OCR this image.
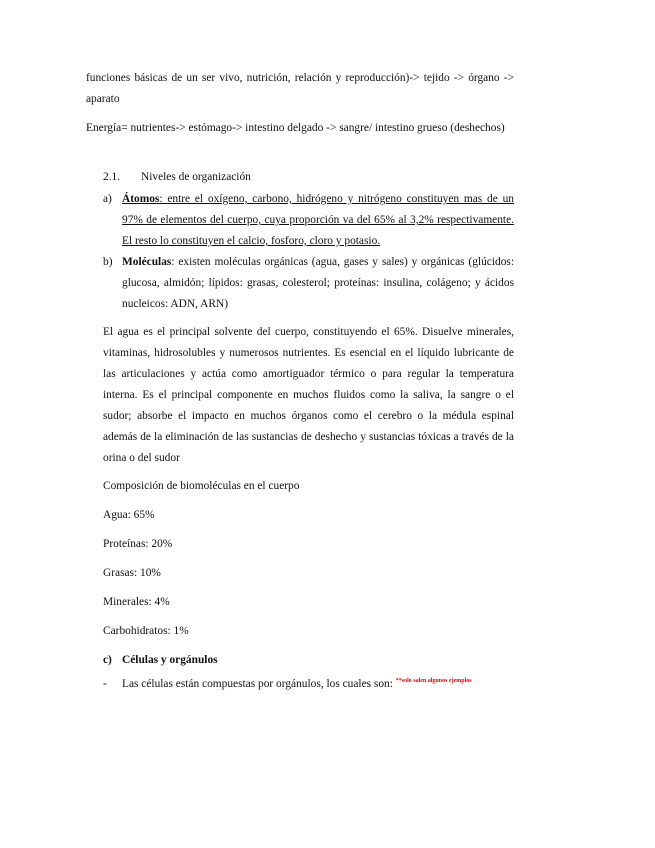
funciones básicas de un ser vivo, nutrición, relación y reproducción)-> tejido -> órgano -> aparato

Energía= nutrientes-> estómago-> intestino delgado -> sangre/ intestino grueso (deshechos)

2.1. Niveles de organización
a) Átomos: entre el oxígeno, carbono, hidrógeno y nitrógeno constituyen mas de un 97% de elementos del cuerpo, cuya proporción va del 65% al 3,2% respectivamente. El resto lo constituyen el calcio, fosforo, cloro y potasio.
b) Moléculas: existen moléculas orgánicas (agua, gases y sales) y orgánicas (glúcidos: glucosa, almidón; lípidos: grasas, colesterol; proteínas: insulina, colágeno; y ácidos nucleicos: ADN, ARN)

El agua es el principal solvente del cuerpo, constituyendo el 65%. Disuelve minerales, vitaminas, hidrosolubles y numerosos nutrientes. Es esencial en el líquido lubricante de las articulaciones y actúa como amortiguador térmico o para regular la temperatura interna. Es el principal componente en muchos fluidos como la saliva, la sangre o el sudor; absorbe el impacto en muchos órganos como el cerebro o la médula espinal además de la eliminación de las sustancias de deshecho y sustancias tóxicas a través de la orina o del sudor

Composición de biomoléculas en el cuerpo

Agua: 65%

Proteínas: 20%

Grasas: 10%

Minerales: 4%

Carbohidratos: 1%

c) Células y orgánulos
- Las células están compuestas por orgánulos, los cuales son: $^{**solo salen algunos ejemplos}$
